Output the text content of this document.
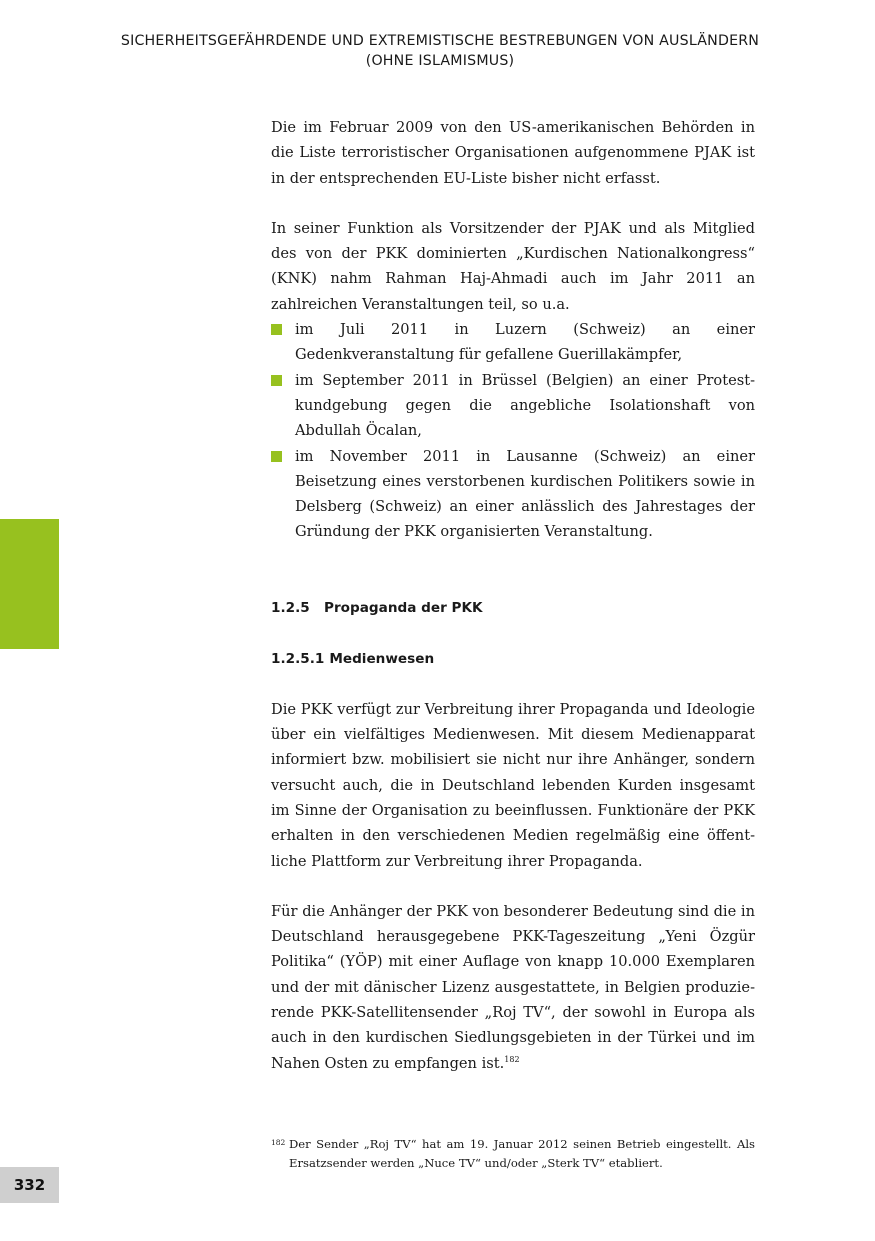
SICHERHEITSGEFÄHRDENDE UND EXTREMISTISCHE BESTREBUNGEN VON AUSLÄNDERN
(OHNE ISLAMISMUS)
332

Die im Februar 2009 von den US-amerikanischen Behörden in die Liste terroristischer Organisationen aufgenommene PJAK ist in der entsprechenden EU-Liste bisher nicht erfasst.

In seiner Funktion als Vorsitzender der PJAK und als Mitglied des von der PKK dominierten „Kurdischen Nationalkongress“ (KNK) nahm Rahman Haj-Ahmadi auch im Jahr 2011 an zahlreichen Veranstaltungen teil, so u.a.

im Juli 2011 in Luzern (Schweiz) an einer Gedenkveranstaltung für gefallene Guerillakämpfer,
im September 2011 in Brüssel (Belgien) an einer Protestkundgebung gegen die angebliche Isolationshaft von Abdullah Öcalan,
im November 2011 in Lausanne (Schweiz) an einer Beisetzung eines verstorbenen kurdischen Politikers sowie in Delsberg (Schweiz) an einer anlässlich des Jahrestages der Gründung der PKK organisierten Veranstaltung.
1.2.5 Propaganda der PKK
1.2.5.1 Medienwesen

Die PKK verfügt zur Verbreitung ihrer Propaganda und Ideologie über ein vielfältiges Medienwesen. Mit diesem Medienapparat informiert bzw. mobilisiert sie nicht nur ihre Anhänger, sondern versucht auch, die in Deutschland lebenden Kurden insgesamt im Sinne der Organisation zu beeinflussen. Funktionäre der PKK erhalten in den verschiedenen Medien regelmäßig eine öffentliche Plattform zur Verbreitung ihrer Propaganda.

Für die Anhänger der PKK von besonderer Bedeutung sind die in Deutschland herausgegebene PKK-Tageszeitung „Yeni Özgür Politika“ (YÖP) mit einer Auflage von knapp 10.000 Exemplaren und der mit dänischer Lizenz ausgestattete, in Belgien produzierende PKK-Satellitensender „Roj TV“, der sowohl in Europa als auch in den kurdischen Siedlungsgebieten in der Türkei und im Nahen Osten zu empfangen ist.$^{182}$

182 Der Sender „Roj TV“ hat am 19. Januar 2012 seinen Betrieb eingestellt. Als Ersatzsender werden „Nuce TV“ und/oder „Sterk TV“ etabliert.
